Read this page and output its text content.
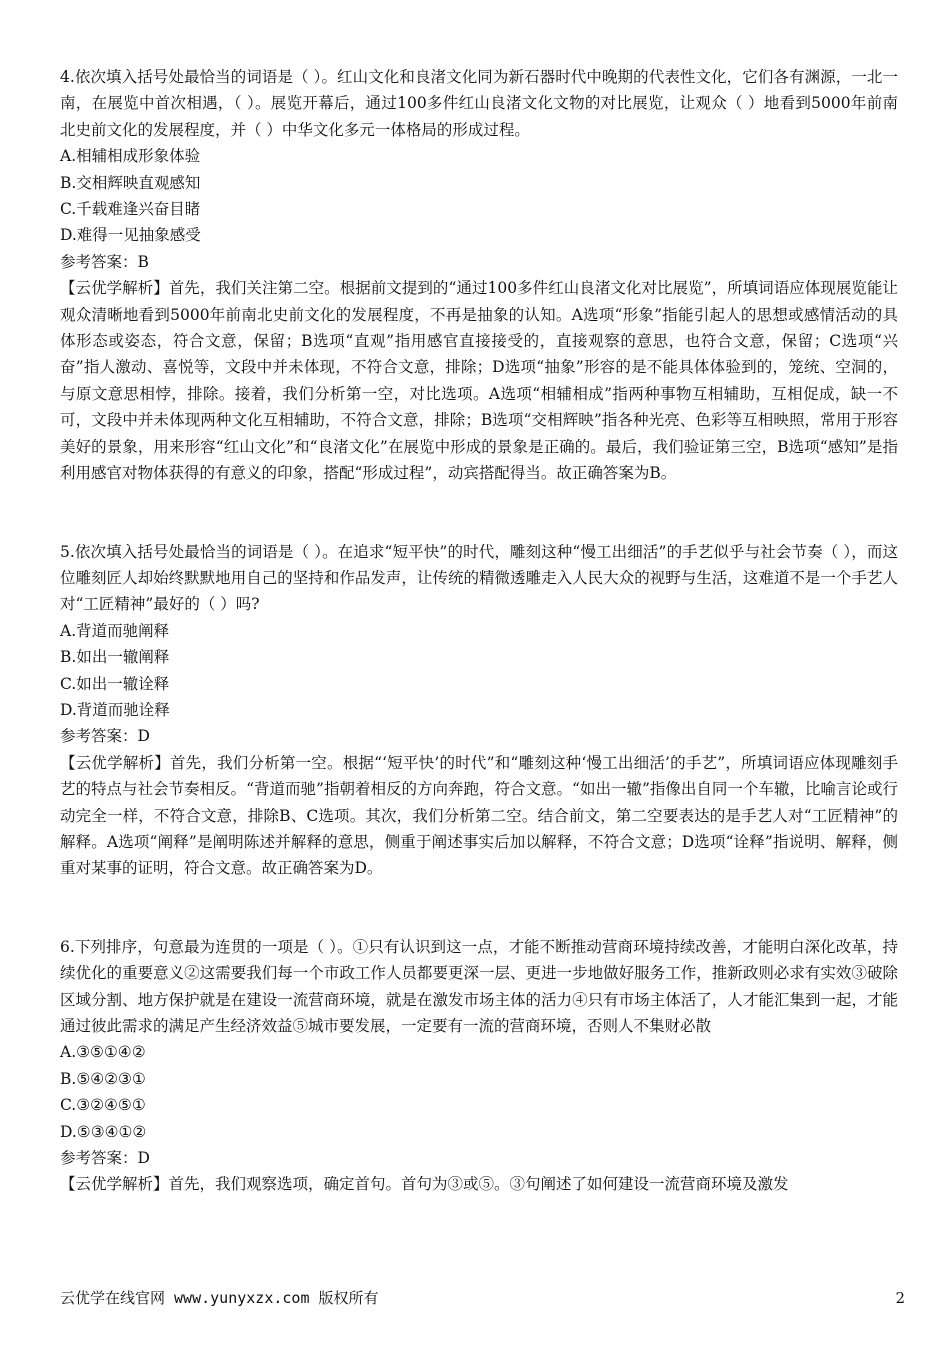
4.依次填入括号处最恰当的词语是（ ）。红山文化和良渚文化同为新石器时代中晚期的代表性文化，它们各有渊源，一北一南，在展览中首次相遇，（ ）。展览开幕后，通过100多件红山良渚文化文物的对比展览，让观众（ ）地看到5000年前南北史前文化的发展程度，并（ ）中华文化多元一体格局的形成过程。

A.相辅相成形象体验

B.交相辉映直观感知

C.千载难逢兴奋目睹

D.难得一见抽象感受

参考答案：B

【云优学解析】首先，我们关注第二空。根据前文提到的“通过100多件红山良渚文化对比展览”，所填词语应体现展览能让观众清晰地看到5000年前南北史前文化的发展程度，不再是抽象的认知。A选项“形象”指能引起人的思想或感情活动的具体形态或姿态，符合文意，保留；B选项“直观”指用感官直接接受的，直接观察的意思，也符合文意，保留；C选项“兴奋”指人激动、喜悦等，文段中并未体现，不符合文意，排除；D选项“抽象”形容的是不能具体体验到的，笼统、空洞的，与原文意思相悖，排除。接着，我们分析第一空，对比选项。A选项“相辅相成”指两种事物互相辅助，互相促成，缺一不可，文段中并未体现两种文化互相辅助，不符合文意，排除；B选项“交相辉映”指各种光亮、色彩等互相映照，常用于形容美好的景象，用来形容“红山文化”和“良渚文化”在展览中形成的景象是正确的。最后，我们验证第三空，B选项“感知”是指利用感官对物体获得的有意义的印象，搭配“形成过程”，动宾搭配得当。故正确答案为B。

5.依次填入括号处最恰当的词语是（ ）。在追求“短平快”的时代，雕刻这种“慢工出细活”的手艺似乎与社会节奏（ ），而这位雕刻匠人却始终默默地用自己的坚持和作品发声，让传统的精微透雕走入人民大众的视野与生活，这难道不是一个手艺人对“工匠精神”最好的（ ）吗?

A.背道而驰阐释

B.如出一辙阐释

C.如出一辙诠释

D.背道而驰诠释

参考答案：D

【云优学解析】首先，我们分析第一空。根据“‘短平快’的时代”和“雕刻这种‘慢工出细活’的手艺”，所填词语应体现雕刻手艺的特点与社会节奏相反。“背道而驰”指朝着相反的方向奔跑，符合文意。“如出一辙”指像出自同一个车辙，比喻言论或行动完全一样，不符合文意，排除B、C选项。其次，我们分析第二空。结合前文，第二空要表达的是手艺人对“工匠精神”的解释。A选项“阐释”是阐明陈述并解释的意思，侧重于阐述事实后加以解释，不符合文意；D选项“诠释”指说明、解释，侧重对某事的证明，符合文意。故正确答案为D。

6.下列排序，句意最为连贯的一项是（ ）。①只有认识到这一点，才能不断推动营商环境持续改善，才能明白深化改革，持续优化的重要意义②这需要我们每一个市政工作人员都要更深一层、更进一步地做好服务工作，推新政则必求有实效③破除区域分割、地方保护就是在建设一流营商环境，就是在激发市场主体的活力④只有市场主体活了，人才能汇集到一起，才能通过彼此需求的满足产生经济效益⑤城市要发展，一定要有一流的营商环境，否则人不集财必散

A.③⑤①④②

B.⑤④②③①

C.③②④⑤①

D.⑤③④①②

参考答案：D

【云优学解析】首先，我们观察选项，确定首句。首句为③或⑤。③句阐述了如何建设一流营商环境及激发

云优学在线官网 www.yunyxzx.com 版权所有	2
